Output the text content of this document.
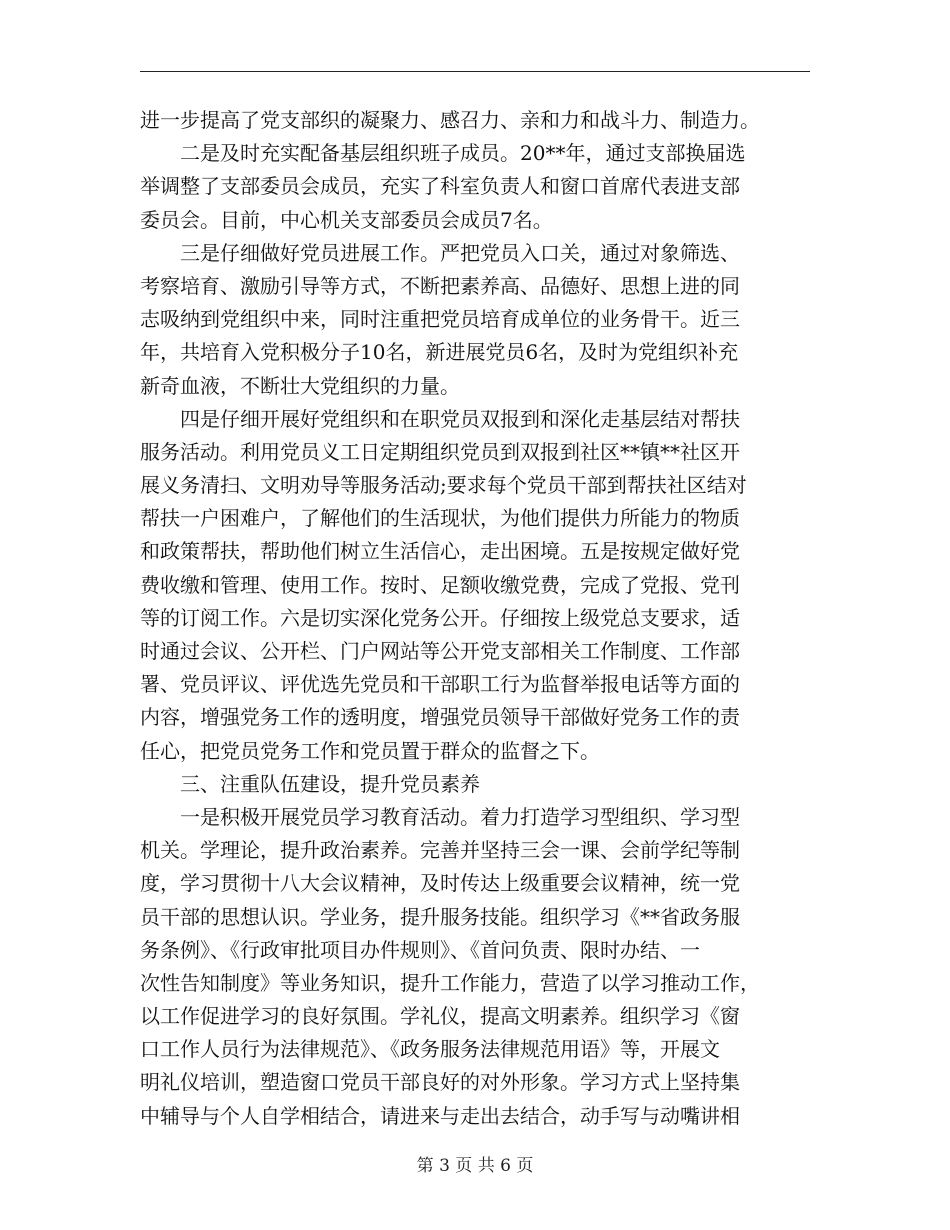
进一步提高了党支部织的凝聚力、感召力、亲和力和战斗力、制造力。
二是及时充实配备基层组织班子成员。20**年，通过支部换届选
举调整了支部委员会成员，充实了科室负责人和窗口首席代表进支部
委员会。目前，中心机关支部委员会成员7名。
三是仔细做好党员进展工作。严把党员入口关，通过对象筛选、
考察培育、激励引导等方式，不断把素养高、品德好、思想上进的同
志吸纳到党组织中来，同时注重把党员培育成单位的业务骨干。近三
年，共培育入党积极分子10名，新进展党员6名，及时为党组织补充
新奇血液，不断壮大党组织的力量。
四是仔细开展好党组织和在职党员双报到和深化走基层结对帮扶
服务活动。利用党员义工日定期组织党员到双报到社区**镇**社区开
展义务清扫、文明劝导等服务活动;要求每个党员干部到帮扶社区结对
帮扶一户困难户，了解他们的生活现状，为他们提供力所能力的物质
和政策帮扶，帮助他们树立生活信心，走出困境。五是按规定做好党
费收缴和管理、使用工作。按时、足额收缴党费，完成了党报、党刊
等的订阅工作。六是切实深化党务公开。仔细按上级党总支要求，适
时通过会议、公开栏、门户网站等公开党支部相关工作制度、工作部
署、党员评议、评优选先党员和干部职工行为监督举报电话等方面的
内容，增强党务工作的透明度，增强党员领导干部做好党务工作的责
任心，把党员党务工作和党员置于群众的监督之下。
三、注重队伍建设，提升党员素养
一是积极开展党员学习教育活动。着力打造学习型组织、学习型
机关。学理论，提升政治素养。完善并坚持三会一课、会前学纪等制
度，学习贯彻十八大会议精神，及时传达上级重要会议精神，统一党
员干部的思想认识。学业务，提升服务技能。组织学习《**省政务服
务条例》、《行政审批项目办件规则》、《首问负责、限时办结、一
次性告知制度》等业务知识，提升工作能力，营造了以学习推动工作，
以工作促进学习的良好氛围。学礼仪，提高文明素养。组织学习《窗
口工作人员行为法律规范》、《政务服务法律规范用语》等，开展文
明礼仪培训，塑造窗口党员干部良好的对外形象。学习方式上坚持集
中辅导与个人自学相结合，请进来与走出去结合，动手写与动嘴讲相
第 3 页 共 6 页
